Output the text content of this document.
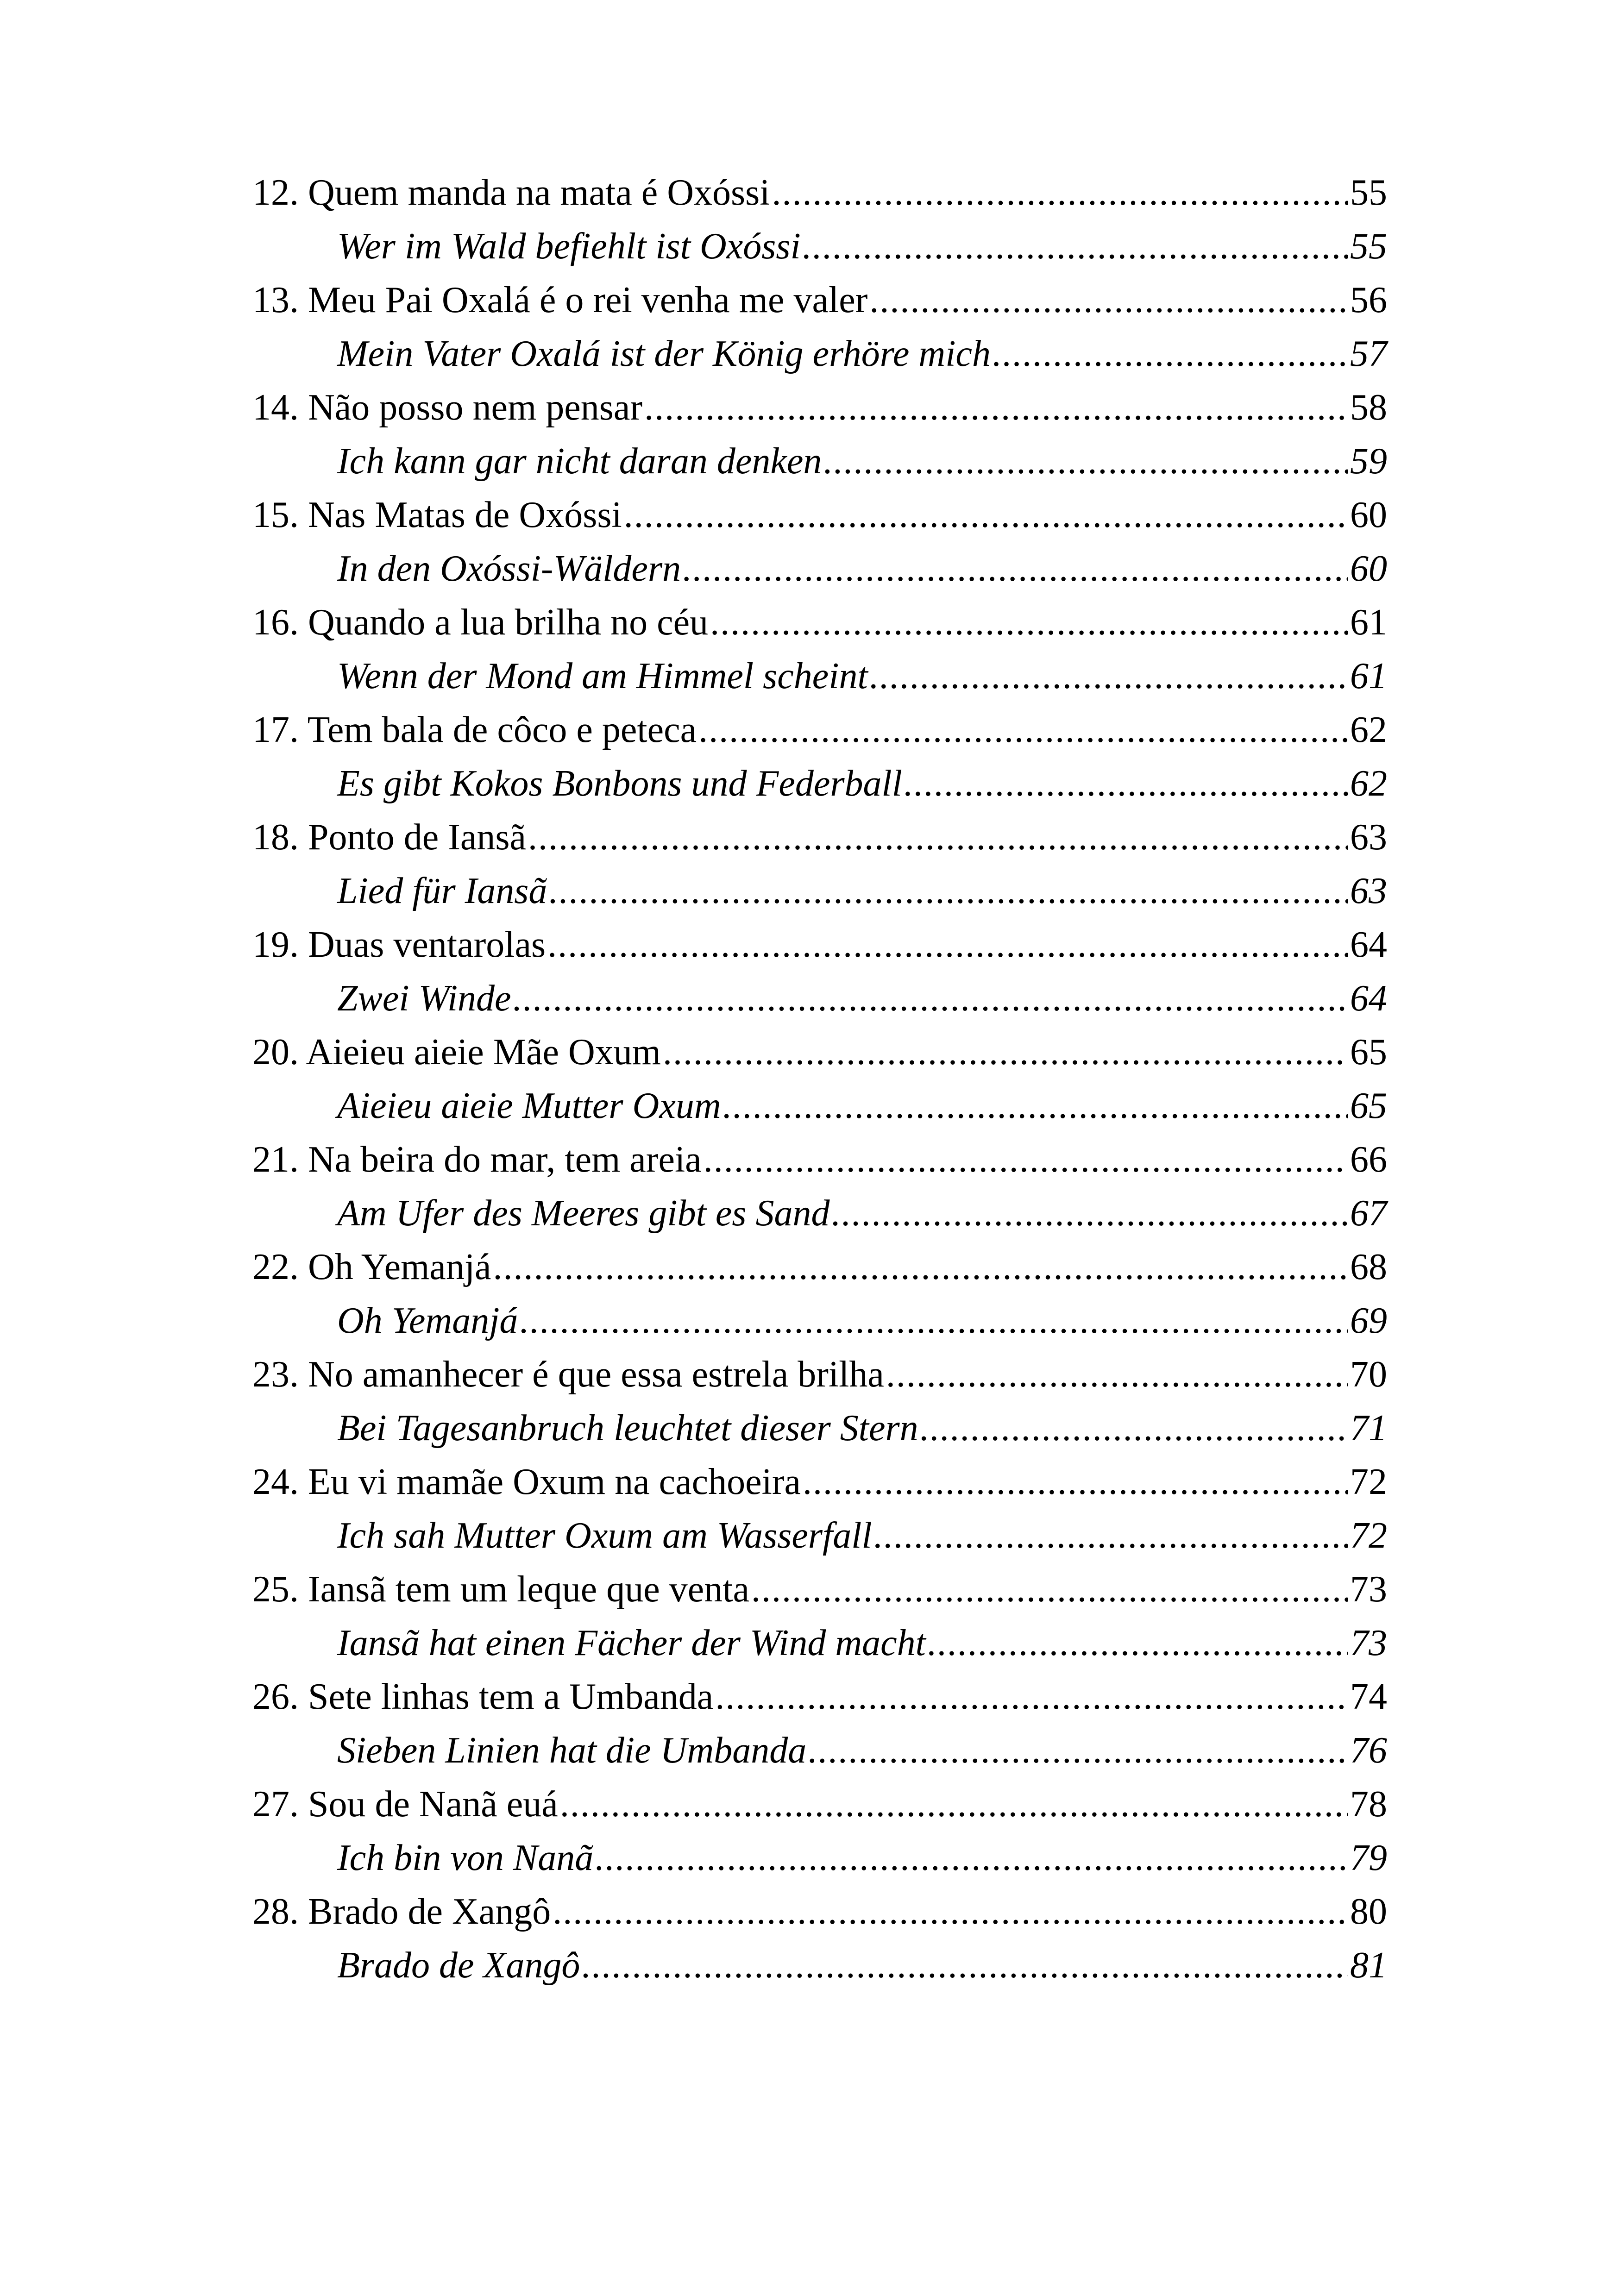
12. Quem manda na mata é Oxóssi .....	55
Wer im Wald befiehlt ist Oxóssi .....	55
13. Meu Pai Oxalá é o rei venha me valer .....	56
Mein Vater Oxalá ist der König erhöre mich .....	57
14. Não posso nem pensar .....	58
Ich kann gar nicht daran denken .....	59
15. Nas Matas de Oxóssi .....	60
In den Oxóssi-Wäldern .....	60
16. Quando a lua brilha no céu .....	61
Wenn der Mond am Himmel scheint .....	61
17. Tem bala de côco e peteca .....	62
Es gibt Kokos Bonbons und Federball .....	62
18. Ponto de Iansã .....	63
Lied für Iansã .....	63
19. Duas ventarolas .....	64
Zwei Winde .....	64
20. Aieieu aieie Mãe Oxum .....	65
Aieieu aieie Mutter Oxum .....	65
21. Na beira do mar, tem areia .....	66
Am Ufer des Meeres gibt es Sand .....	67
22. Oh Yemanjá .....	68
Oh Yemanjá .....	69
23. No amanhecer é que essa estrela brilha .....	70
Bei Tagesanbruch leuchtet dieser Stern .....	71
24. Eu vi mamãe Oxum na cachoeira .....	72
Ich sah Mutter Oxum am Wasserfall .....	72
25. Iansã tem um leque que venta .....	73
Iansã hat einen Fächer der Wind macht .....	73
26. Sete linhas tem a Umbanda .....	74
Sieben Linien hat die Umbanda .....	76
27. Sou de Nanã euá .....	78
Ich bin von Nanã .....	79
28. Brado de Xangô .....	80
Brado de Xangô .....	81
